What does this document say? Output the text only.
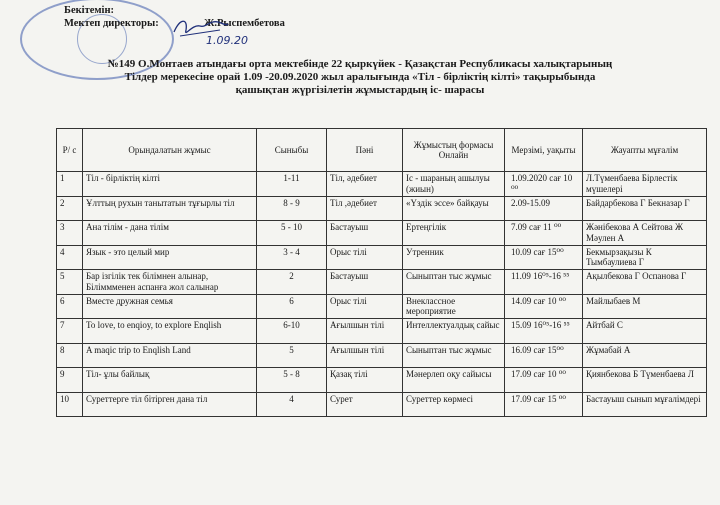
Бекітемін:
Мектеп директоры:	Ж.Рыспембетова
1.09.20
№149 О.Монтаев атындағы орта мектебінде 22 қыркүйек - Қазақстан Республикасы халықтарының
Тілдер мерекесіне орай 1.09 -20.09.2020 жыл аралығында «Тіл - бірліктің кілті» тақырыбында
қашықтан жүргізілетін жұмыстардың іс- шарасы
Р/ с	Орындалатын жұмыс	Сыныбы	Пәні	Жұмыстың формасы Онлайн	Мерзімі, уақыты	Жауапты мұғалім
1	Тіл - бірліктің кілті	1-11	Тіл, әдебиет	Іс - шараның ашылуы (жиын)	1.09.2020 сағ 10 ⁰⁰	Л.Түменбаева Бірлестік мүшелері
2	Ұлттың рухын танытатын тұғырлы тіл	8 - 9	Тіл ,әдебиет	«Үздік эссе» байқауы	2.09-15.09	Байдарбекова Г Бекназар Г
3	Ана тілім - дана тілім	5 - 10	Бастауыш	Ертеңгілік	7.09 сағ 11 ⁰⁰	Жәнібекова А Сейтова Ж Мәулен А
4	Язык - это целый мир	3 - 4	Орыс тілі	Утренник	10.09 сағ 15⁰⁰	Бекмырзақызы К Тымбаулиева Г
5	Бар ізгілік тек білімнен алынар, Біліммменен аспанға жол салынар	2	Бастауыш	Сыныптан тыс жұмыс	11.09 16⁰⁵-16 ⁵⁵	Ақылбекова Г Оспанова Г
6	Вместе дружная семья	6	Орыс тілі	Внеклассное мероприятие	14.09 сағ 10 ⁰⁰	Майлыбаев М
7	To love, to enqioy, to explore Enqlish	6-10	Ағылшын тілі	Интеллектуалдық сайыс	15.09 16⁰⁵-16 ⁵⁵	Айтбай С
8	A maqic trip to Enqlish Land	5	Ағылшын тілі	Сыныптан тыс жұмыс	16.09 сағ 15⁰⁰	Жұмабай А
9	Тіл- ұлы байлық	5 - 8	Қазақ тілі	Мәнерлеп оқу сайысы	17.09 сағ 10 ⁰⁰	Қиянбекова Б Түменбаева Л
10	Суреттерге тіл бітірген дана тіл	4	Сурет	Суреттер көрмесі	17.09 сағ 15 ⁰⁰	Бастауыш сынып мұғалімдері
